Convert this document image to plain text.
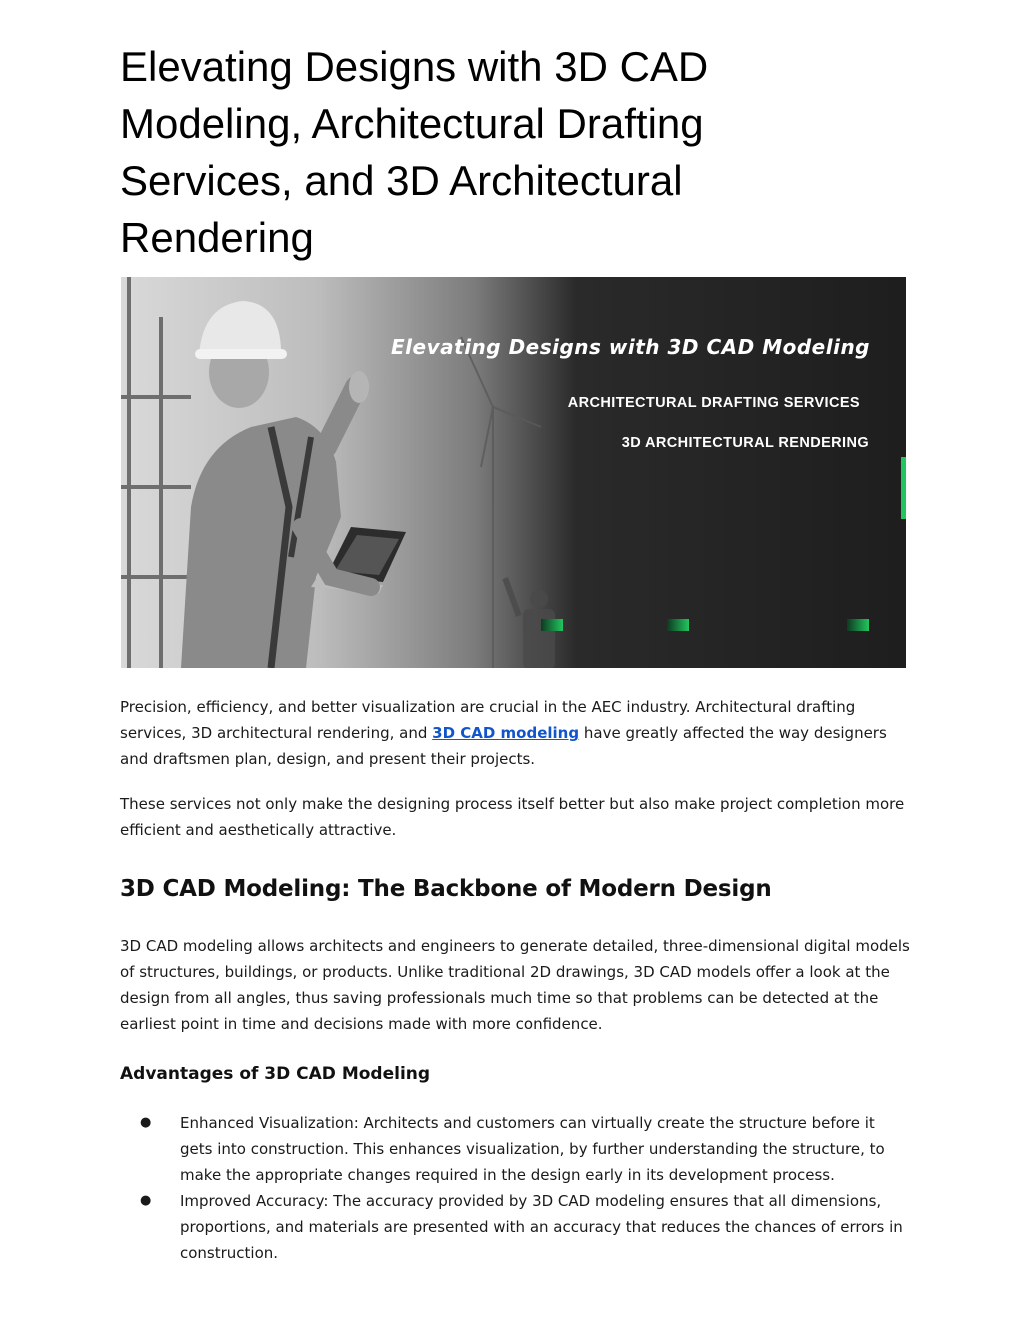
Elevating Designs with 3D CAD Modeling, Architectural Drafting Services, and 3D Architectural Rendering
Elevating Designs with 3D CAD Modeling
ARCHITECTURAL DRAFTING SERVICES
3D ARCHITECTURAL RENDERING

Precision, efficiency, and better visualization are crucial in the AEC industry. Architectural drafting services, 3D architectural rendering, and 3D CAD modeling have greatly affected the way designers and draftsmen plan, design, and present their projects.

These services not only make the designing process itself better but also make project completion more efficient and aesthetically attractive.

3D CAD Modeling: The Backbone of Modern Design

3D CAD modeling allows architects and engineers to generate detailed, three-dimensional digital models of structures, buildings, or products. Unlike traditional 2D drawings, 3D CAD models offer a look at the design from all angles, thus saving professionals much time so that problems can be detected at the earliest point in time and decisions made with more confidence.

Advantages of 3D CAD Modeling
● Enhanced Visualization: Architects and customers can virtually create the structure before it gets into construction. This enhances visualization, by further understanding the structure, to make the appropriate changes required in the design early in its development process.
● Improved Accuracy: The accuracy provided by 3D CAD modeling ensures that all dimensions, proportions, and materials are presented with an accuracy that reduces the chances of errors in construction.
